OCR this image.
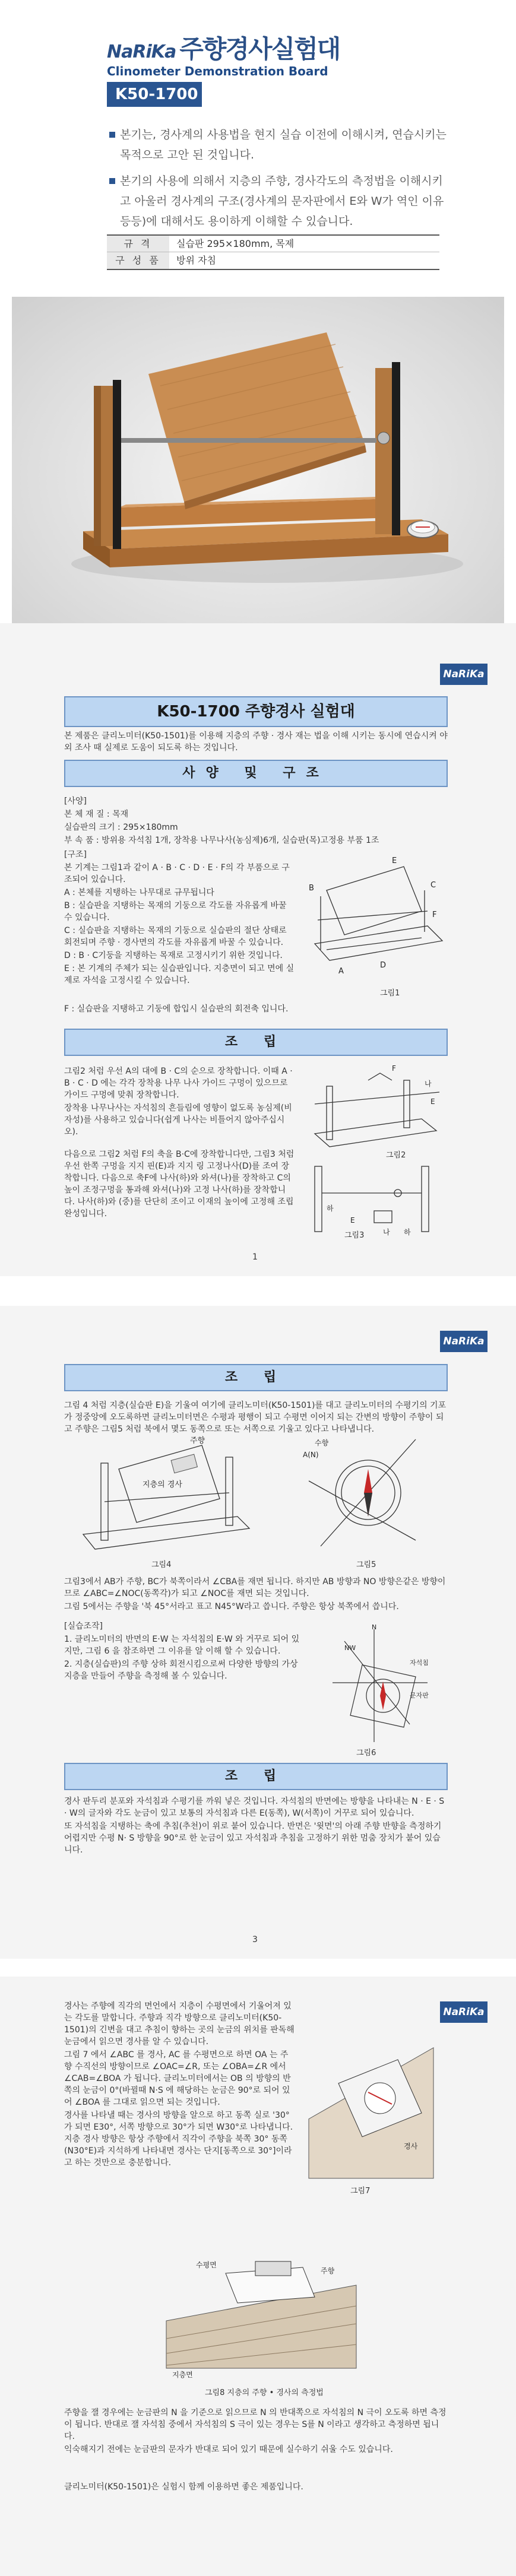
NaRiKa 주향경사실험대
Clinometer Demonstration Board
K50-1700
본기는, 경사계의 사용법을 현지 실습 이전에 이해시켜, 연습시키는 목적으로 고안 된 것입니다.
본기의 사용에 의해서 지층의 주향, 경사각도의 측정법을 이해시키고 아울러 경사계의 구조(경사계의 문자판에서 E와 W가 역인 이유 등등)에 대해서도 용이하게 이해할 수 있습니다.
규 격	실습판 295×180mm, 목제
구 성 품	방위 자침
NaRiKa
K50-1700 주향경사 실험대
본 제품은 클리노미터(K50-1501)를 이용해 지층의 주향 · 경사 재는 법을 이해 시키는 동시에 연습시켜 야외 조사 때 실제로 도움이 되도록 하는 것입니다.
사양 및 구조

[사양]

본 체 재 질 : 목재

실습판의 크기 : 295×180mm

부 속 품 : 방위용 자석침 1개, 장착용 나무나사(농심제)6개, 실습판(목)고정용 부품 1조

[구조]

본 기계는 그림1과 같이 A · B · C · D · E · F의 각 부품으로 구조되어 있습니다.

A : 본체를 지탱하는 나무대로 규무됩니다

B : 실습판을 지탱하는 목재의 기둥으로 각도를 자유롭게 바꿀 수 있습니다.

C : 실습판을 지탱하는 목재의 기둥으로 실습판의 절단 상태로 회전되며 주향 · 경사면의 각도를 자유롭게 바꿀 수 있습니다.

D : B · C기둥을 지탱하는 목재로 고정시키기 위한 것입니다.

E : 본 기계의 주체가 되는 실습판입니다. 지층면이 되고 면에 실제로 자석을 고정시킬 수 있습니다.

F : 실습판을 지탱하고 기둥에 합입시 실습판의 회전축 입니다.
B
E
C
F
A
D
그림1
조 립

그림2 처럼 우선 A의 대에 B · C의 순으로 장착합니다. 이때 A · B · C · D 에는 각각 장착용 나무 나사 가이드 구멍이 있으므로 가이드 구멍에 맞춰 장착합니다.

장착용 나무나사는 자석침의 흔들림에 영향이 없도록 농심제(비자성)를 사용하고 있습니다(쉽게 나사는 비틀어지 않아주십시오).

다음으로 그림2 처럼 F의 축을 B·C에 장착합니다만, 그림3 처럼 우선 한쪽 구멍을 지지 핀(E)과 지지 링 고정나사(D)를 조여 장착합니다. 다음으로 축F에 나사(하)와 와셔(나)를 장착하고 C의 높이 조정구멍을 통과해 와셔(나)와 고정 나사(하)를 장착합니다. 나사(하)와 (중)를 단단히 조이고 이재의 높이에 고정해 조립 완성입니다.

F
나
E
그림2
하
E
나 하
그림3
1
NaRiKa
조 립
그림 4 처럼 지층(실습판 E)을 기울여 여기에 클리노미터(K50-1501)를 대고 클리노미터의 수평기의 기포가 정중앙에 오도록하면 클리노미터면은 수평과 평행이 되고 수평면 이어지 되는 간변의 방향이 주향이 되고 주향은 그림5 처럼 북에서 몇도 동쪽으로 또는 서쪽으로 기울고 있다고 나타냅니다.
주향
지층의 경사
그림4
수향
A(N)
그림5

그림3에서 AB가 주향, BC가 북쪽이라서 ∠CBA를 재면 됩니다. 하지만 AB 방향과 NO 방향은같은 방향이므로 ∠ABC=∠NOC(동쪽각)가 되고 ∠NOC를 재면 되는 것입니다.

그림 5에서는 주향을 '북 45°서라고 표고 N45°W라고 씁니다. 주향은 항상 북쪽에서 씁니다.

[실습조작]

1. 클리노미터의 반면의 E·W 는 자석침의 E·W 와 거꾸로 되어 있지만, 그림 6 을 참조하면 그 이유를 알 이해 할 수 있습니다.

2. 지층(실습판)의 주향 상하 회전시킴으로써 다양한 방향의 가상 지층을 만들어 주향을 측정해 볼 수 있습니다.

N
NW
자석침
문자판
그림6
조 립

경사 판두리 분포와 자석침과 수평기를 까워 넣은 것입니다. 자석침의 반면에는 방향을 나타내는 N · E · S · W의 글자와 각도 눈금이 있고 보통의 자석침과 다른 E(동쪽), W(서쪽)이 거꾸로 되어 있습니다.

또 자석침을 지탱하는 축에 추침(추천)이 위로 붙어 있습니다. 반면은 '윗면'의 아래 주향 반향을 측정하기 어렵지만 수평 N· S 방향을 90°로 한 눈금이 있고 자석침과 추침을 고정하기 위한 멈춤 장치가 붙어 있습니다.

3
NaRiKa

경사는 주향에 직각의 면언에서 지층이 수평면에서 기울어져 있는 각도를 말합니다. 주향과 직각 방향으로 클리노미터(K50-1501)의 긴변을 대고 추침이 향하는 곳의 눈금의 위치를 판독해 눈금에서 읽으면 경사를 알 수 있습니다.

그림 7 에서 ∠ABC 를 경사, AC 를 수평면으로 하면 OA 는 주향 수직선의 방향이므로 ∠OAC=∠R, 또는 ∠OBA=∠R 에서 ∠CAB=∠BOA 가 됩니다. 클리노미터에서는 OB 의 방향의 반쪽의 눈금이 0°(바뀔때 N·S 에 해당하는 눈금은 90°로 되어 있어 ∠BOA 를 그대로 읽으면 되는 것입니다.

경사를 나타낼 때는 경사의 방향을 알으로 하고 동쪽 실로 '30°가 되면 E30°, 서쪽 방향으로 30°가 되면 W30°로 나타냅니다. 지층 경사 방향은 항상 주향에서 직각이 주향을 북쪽 30° 동쪽(N30°E)과 지석하게 나타내면 경사는 단지[동쪽으로 30°]이라고 하는 것만으로 충분합니다.

경사
그림7
수평면
주향
지층면
그림8 지층의 주향 • 경사의 측정법

주향을 잴 경우에는 눈금판의 N 을 기준으로 읽으므로 N 의 반대쪽으로 자석침의 N 극이 오도록 하면 측정이 됩니다. 반대로 잴 자석침 중에서 자석침의 S 극이 있는 경우는 S를 N 이라고 생각하고 측정하면 됩니다.

익숙해지기 전에는 눈금판의 문자가 반대로 되어 있기 때문에 실수하기 쉬울 수도 있습니다.

클리노미터(K50-1501)은 실험시 함께 이용하면 좋은 제품입니다.
